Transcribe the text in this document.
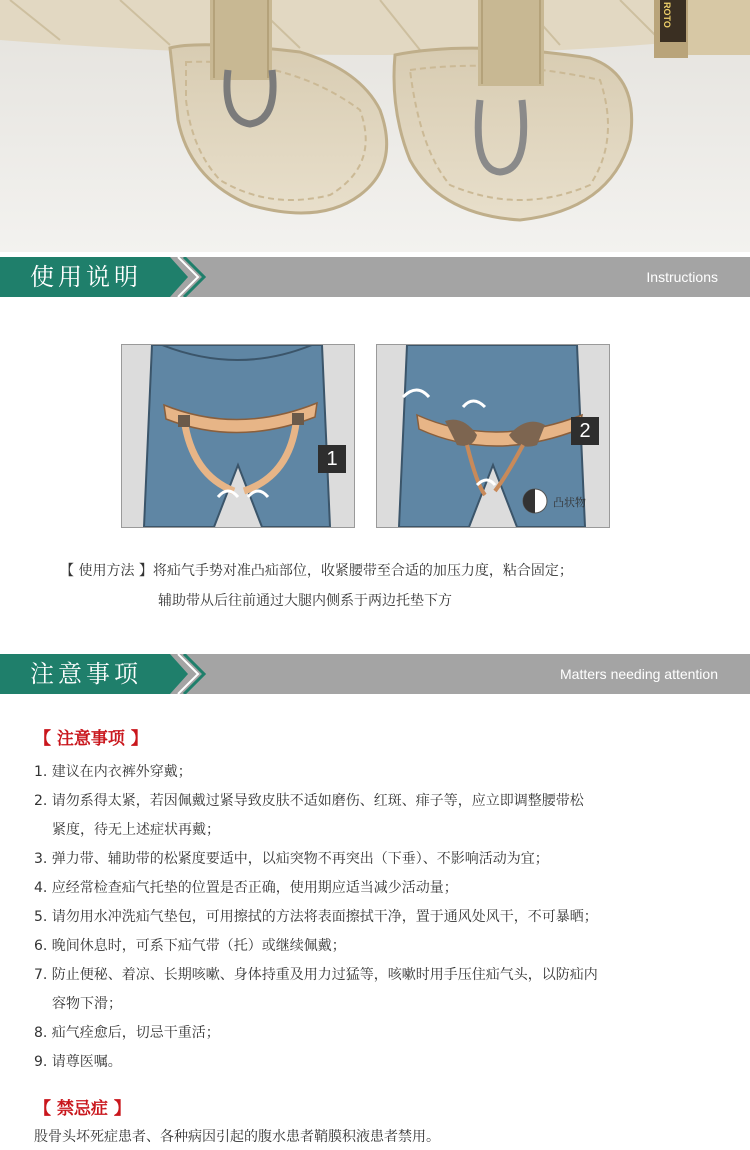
ROTO
使用说明	Instructions
1
2
凸状物
【 使用方法 】将疝气手势对准凸疝部位，收紧腰带至合适的加压力度，粘合固定；
辅助带从后往前通过大腿内侧系于两边托垫下方
注意事项	Matters needing attention
【 注意事项 】
1. 建议在内衣裤外穿戴；
2. 请勿系得太紧，若因佩戴过紧导致皮肤不适如磨伤、红斑、痱子等，应立即调整腰带松
紧度，待无上述症状再戴；
3. 弹力带、辅助带的松紧度要适中，以疝突物不再突出（下垂）、不影响活动为宜；
4. 应经常检查疝气托垫的位置是否正确，使用期应适当减少活动量；
5. 请勿用水冲洗疝气垫包，可用擦拭的方法将表面擦拭干净，置于通风处风干，不可暴晒；
6. 晚间休息时，可系下疝气带（托）或继续佩戴；
7. 防止便秘、着凉、长期咳嗽、身体持重及用力过猛等，咳嗽时用手压住疝气头，以防疝内
容物下滑；
8. 疝气痊愈后，切忌干重活；
9. 请尊医嘱。
【 禁忌症 】
股骨头坏死症患者、各种病因引起的腹水患者鞘膜积液患者禁用。
